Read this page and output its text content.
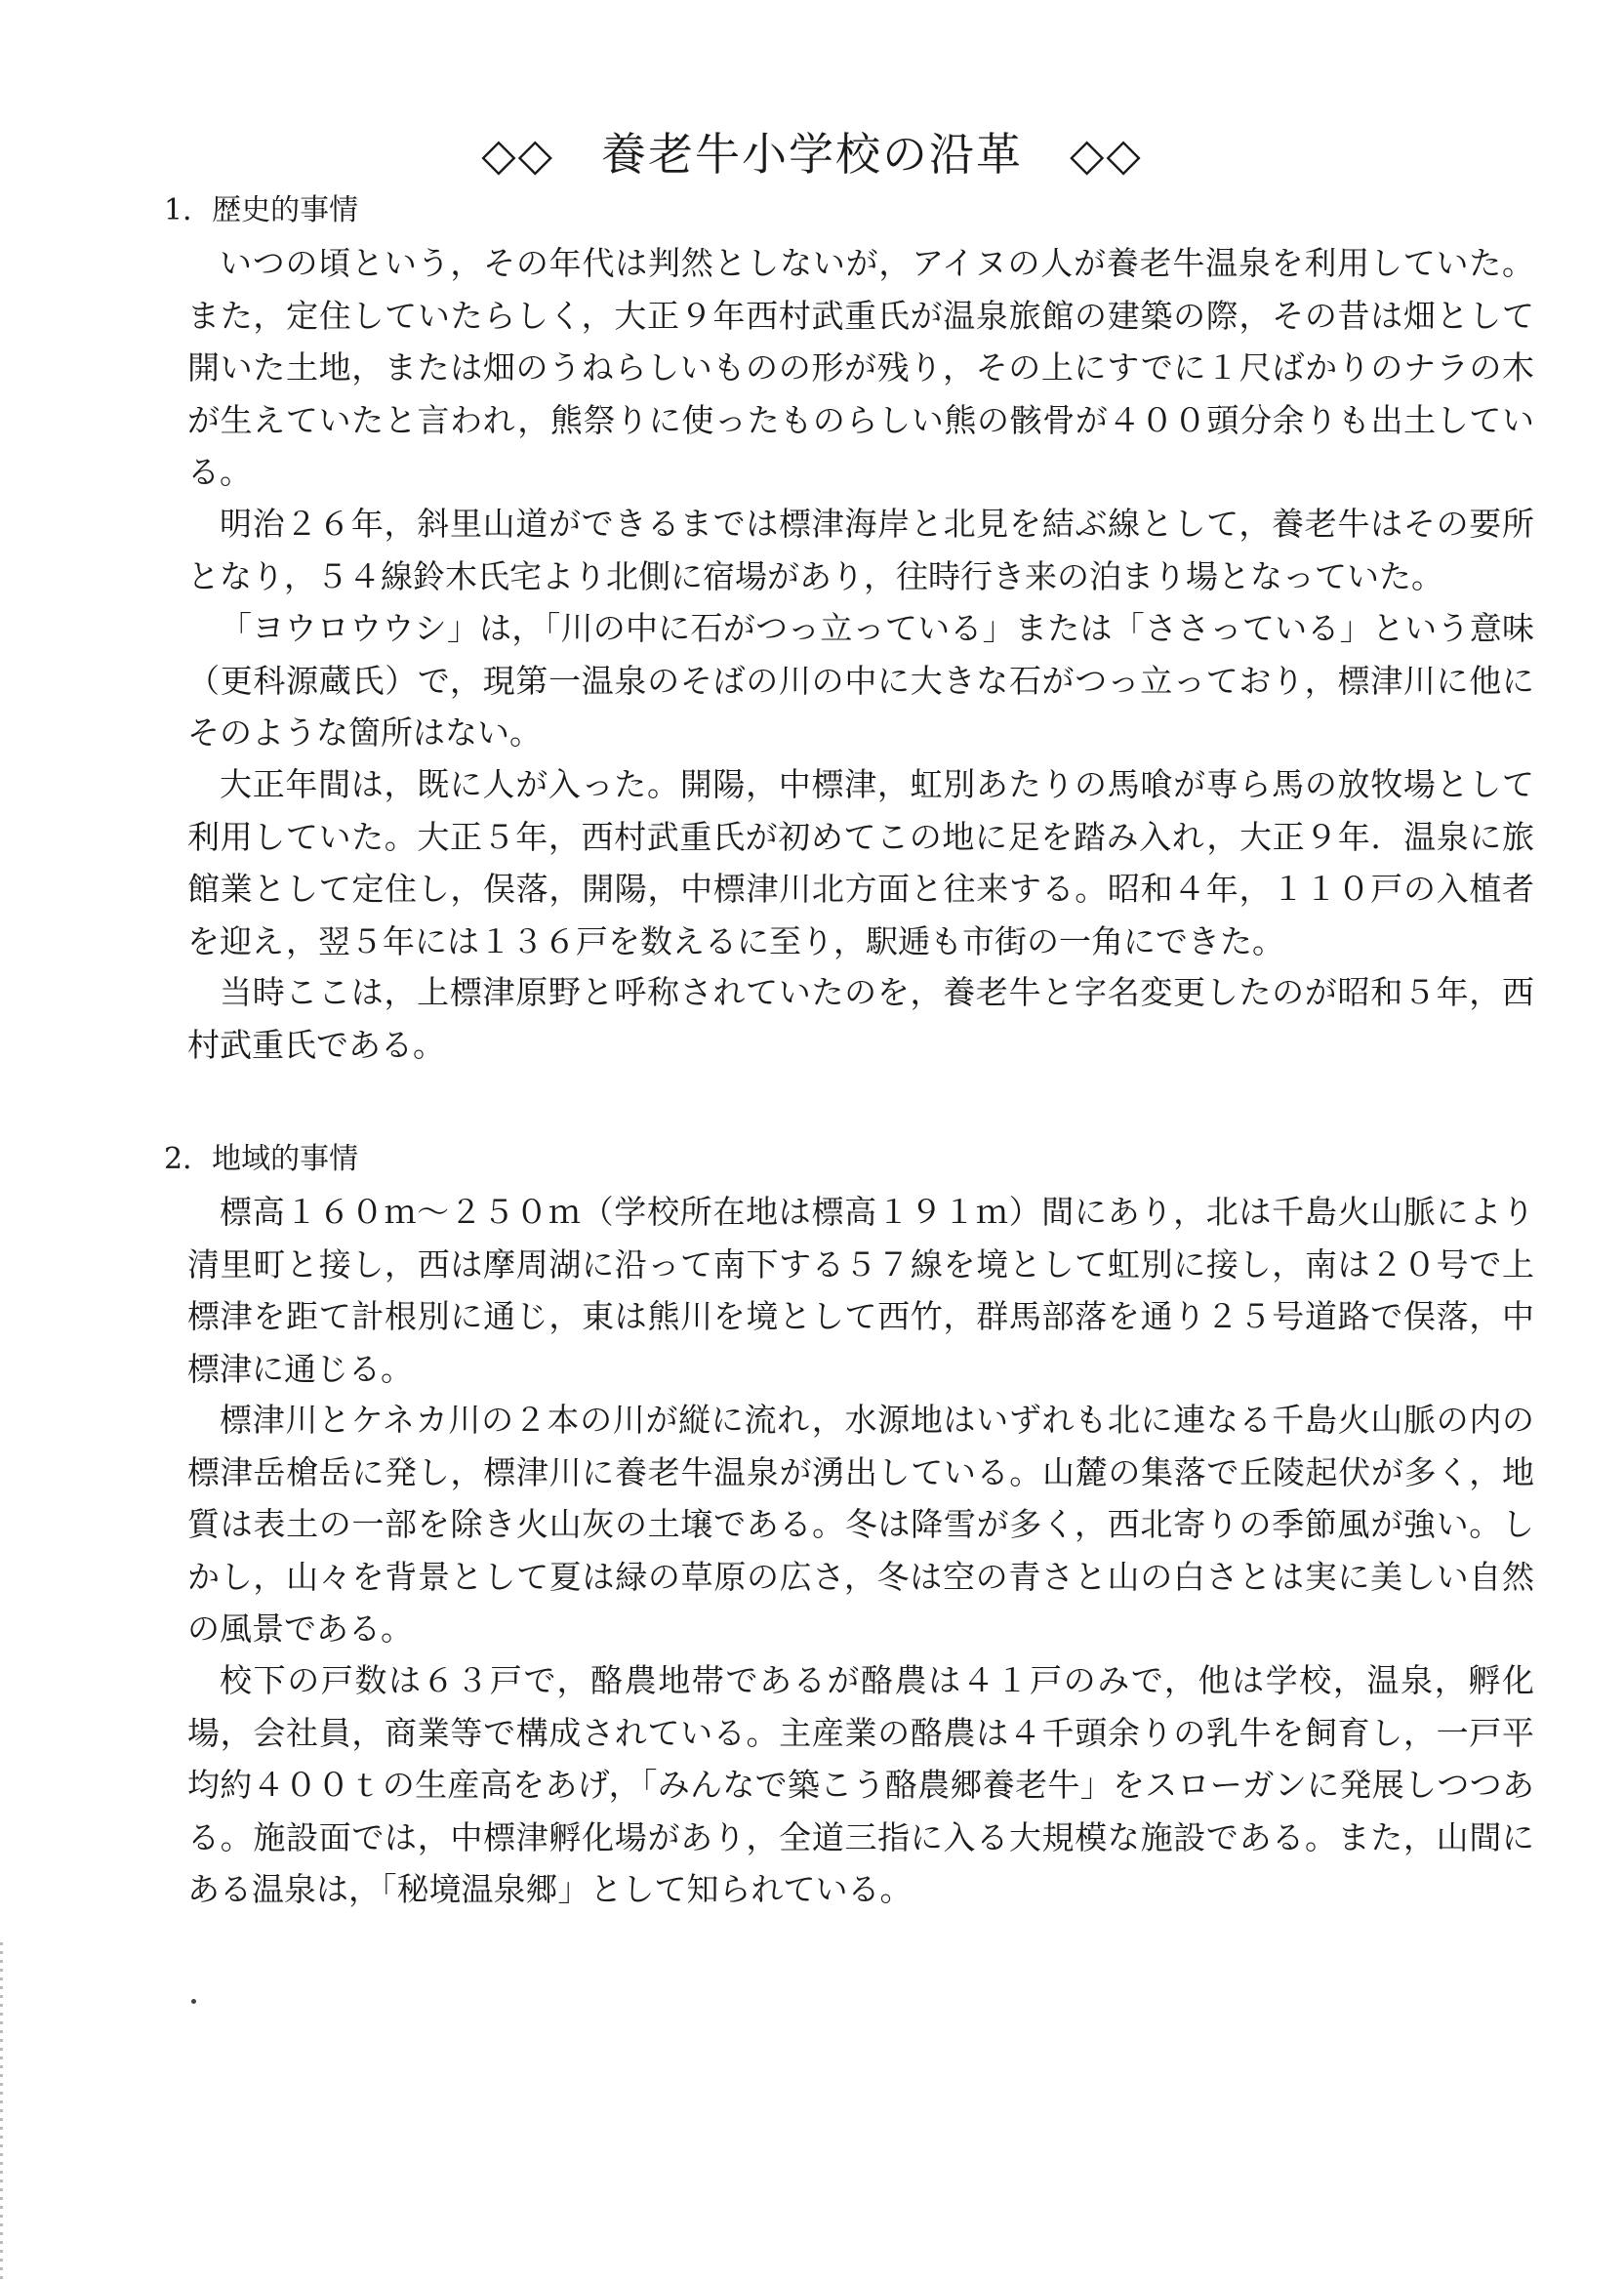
◇◇　養老牛小学校の沿革　◇◇
1．歴史的事情

いつの頃という，その年代は判然としないが，アイヌの人が養老牛温泉を利用していた。また，定住していたらしく，大正９年西村武重氏が温泉旅館の建築の際，その昔は畑として開いた土地，または畑のうねらしいものの形が残り，その上にすでに１尺ばかりのナラの木が生えていたと言われ，熊祭りに使ったものらしい熊の骸骨が４００頭分余りも出土している。

明治２６年，斜里山道ができるまでは標津海岸と北見を結ぶ線として，養老牛はその要所となり，５４線鈴木氏宅より北側に宿場があり，往時行き来の泊まり場となっていた。

「ヨウロウウシ」は，「川の中に石がつっ立っている」または「ささっている」という意味（更科源蔵氏）で，現第一温泉のそばの川の中に大きな石がつっ立っており，標津川に他にそのような箇所はない。

大正年間は，既に人が入った。開陽，中標津，虹別あたりの馬喰が専ら馬の放牧場として利用していた。大正５年，西村武重氏が初めてこの地に足を踏み入れ，大正９年．温泉に旅館業として定住し，俣落，開陽，中標津川北方面と往来する。昭和４年，１１０戸の入植者を迎え，翌５年には１３６戸を数えるに至り，駅逓も市街の一角にできた。

当時ここは，上標津原野と呼称されていたのを，養老牛と字名変更したのが昭和５年，西村武重氏である。

2．地域的事情

標高１６０ｍ～２５０ｍ（学校所在地は標高１９１ｍ）間にあり，北は千島火山脈により清里町と接し，西は摩周湖に沿って南下する５７線を境として虹別に接し，南は２０号で上標津を距て計根別に通じ，東は熊川を境として西竹，群馬部落を通り２５号道路で俣落，中標津に通じる。

標津川とケネカ川の２本の川が縦に流れ，水源地はいずれも北に連なる千島火山脈の内の標津岳槍岳に発し，標津川に養老牛温泉が湧出している。山麓の集落で丘陵起伏が多く，地質は表土の一部を除き火山灰の土壌である。冬は降雪が多く，西北寄りの季節風が強い。しかし，山々を背景として夏は緑の草原の広さ，冬は空の青さと山の白さとは実に美しい自然の風景である。

校下の戸数は６３戸で，酪農地帯であるが酪農は４１戸のみで，他は学校，温泉，孵化場，会社員，商業等で構成されている。主産業の酪農は４千頭余りの乳牛を飼育し，一戸平均約４００ｔの生産高をあげ，「みんなで築こう酪農郷養老牛」をスローガンに発展しつつある。施設面では，中標津孵化場があり，全道三指に入る大規模な施設である。また，山間にある温泉は，「秘境温泉郷」として知られている。
